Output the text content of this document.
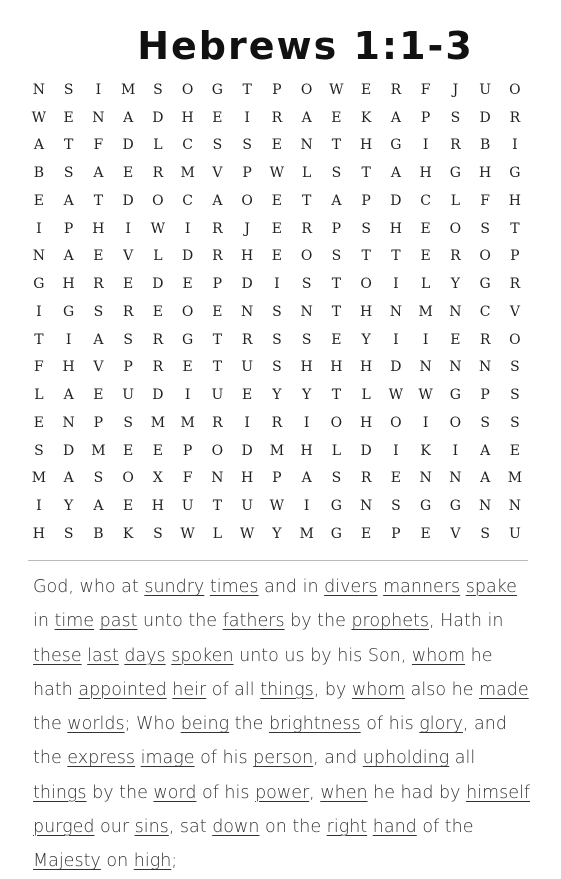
Hebrews 1:1-3
N	S	I	M	S	O	G	T	P	O	W	E	R	F	J	U	O
W	E	N	A	D	H	E	I	R	A	E	K	A	P	S	D	R
A	T	F	D	L	C	S	S	E	N	T	H	G	I	R	B	I
B	S	A	E	R	M	V	P	W	L	S	T	A	H	G	H	G
E	A	T	D	O	C	A	O	E	T	A	P	D	C	L	F	H
I	P	H	I	W	I	R	J	E	R	P	S	H	E	O	S	T
N	A	E	V	L	D	R	H	E	O	S	T	T	E	R	O	P
G	H	R	E	D	E	P	D	I	S	T	O	I	L	Y	G	R
I	G	S	R	E	O	E	N	S	N	T	H	N	M	N	C	V
T	I	A	S	R	G	T	R	S	S	E	Y	I	I	E	R	O
F	H	V	P	R	E	T	U	S	H	H	H	D	N	N	N	S
L	A	E	U	D	I	U	E	Y	Y	T	L	W	W	G	P	S
E	N	P	S	M	M	R	I	R	I	O	H	O	I	O	S	S
S	D	M	E	E	P	O	D	M	H	L	D	I	K	I	A	E
M	A	S	O	X	F	N	H	P	A	S	R	E	N	N	A	M
I	Y	A	E	H	U	T	U	W	I	G	N	S	G	G	N	N
H	S	B	K	S	W	L	W	Y	M	G	E	P	E	V	S	U

God, who at sundry times and in divers manners spake in time past unto the fathers by the prophets, Hath in these last days spoken unto us by his Son, whom he hath appointed heir of all things, by whom also he made the worlds; Who being the brightness of his glory, and the express image of his person, and upholding all things by the word of his power, when he had by himself purged our sins, sat down on the right hand of the Majesty on high;
